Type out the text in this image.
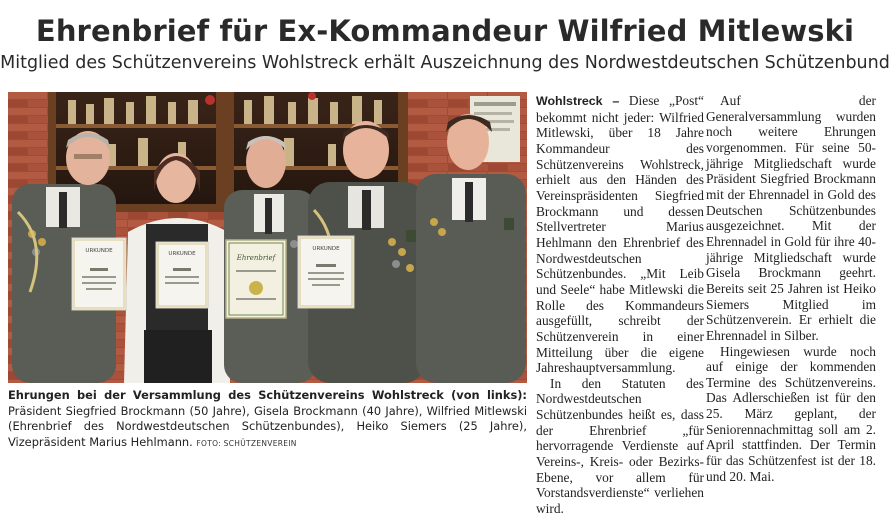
Ehrenbrief für Ex-Kommandeur Wilfried Mitlewski
Mitglied des Schützenvereins Wohlstreck erhält Auszeichnung des Nordwestdeutschen Schützenbund
URKUNDE	URKUNDE	Ehrenbrief
URKUNDE
Ehrungen bei der Versammlung des Schützenvereins Wohlstreck (von links): Präsident Siegfried Brockmann (50 Jahre), Gisela Brockmann (40 Jahre), Wilfried Mitlewski (Ehrenbrief des Nordwestdeutschen Schützenbundes), Heiko Siemers (25 Jahre), Vizepräsident Marius Hehlmann. FOTO: SCHÜTZENVEREIN

Wohlstreck – Diese „Post“ bekommt nicht jeder: Wilfried Mitlewski, über 18 Jahre Kommandeur des Schützenvereins Wohlstreck, erhielt aus den Händen des Vereinspräsidenten Siegfried Brockmann und dessen Stellvertreter Marius Hehlmann den Ehrenbrief des Nordwestdeutschen Schützenbundes. „Mit Leib und Seele“ habe Mitlewski die Rolle des Kommandeurs ausgefüllt, schreibt der Schützenverein in einer Mitteilung über die eigene Jahreshauptversammlung.

In den Statuten des Nordwestdeutschen Schützenbundes heißt es, dass der Ehrenbrief „für hervorragende Verdienste auf Vereins-, Kreis- oder Bezirks-Ebene, vor allem für Vorstandsverdienste“ verliehen wird.

Auf der Generalversammlung wurden noch weitere Ehrungen vorgenommen. Für seine 50-jährige Mitgliedschaft wurde Präsident Siegfried Brockmann mit der Ehrennadel in Gold des Deutschen Schützenbundes ausgezeichnet. Mit der Ehrennadel in Gold für ihre 40-jährige Mitgliedschaft wurde Gisela Brockmann geehrt. Bereits seit 25 Jahren ist Heiko Siemers Mitglied im Schützenverein. Er erhielt die Ehrennadel in Silber.

Hingewiesen wurde noch auf einige der kommenden Termine des Schützenvereins. Das Adlerschießen ist für den 25. März geplant, der Seniorennachmittag soll am 2. April stattfinden. Der Termin für das Schützenfest ist der 18. und 20. Mai.
